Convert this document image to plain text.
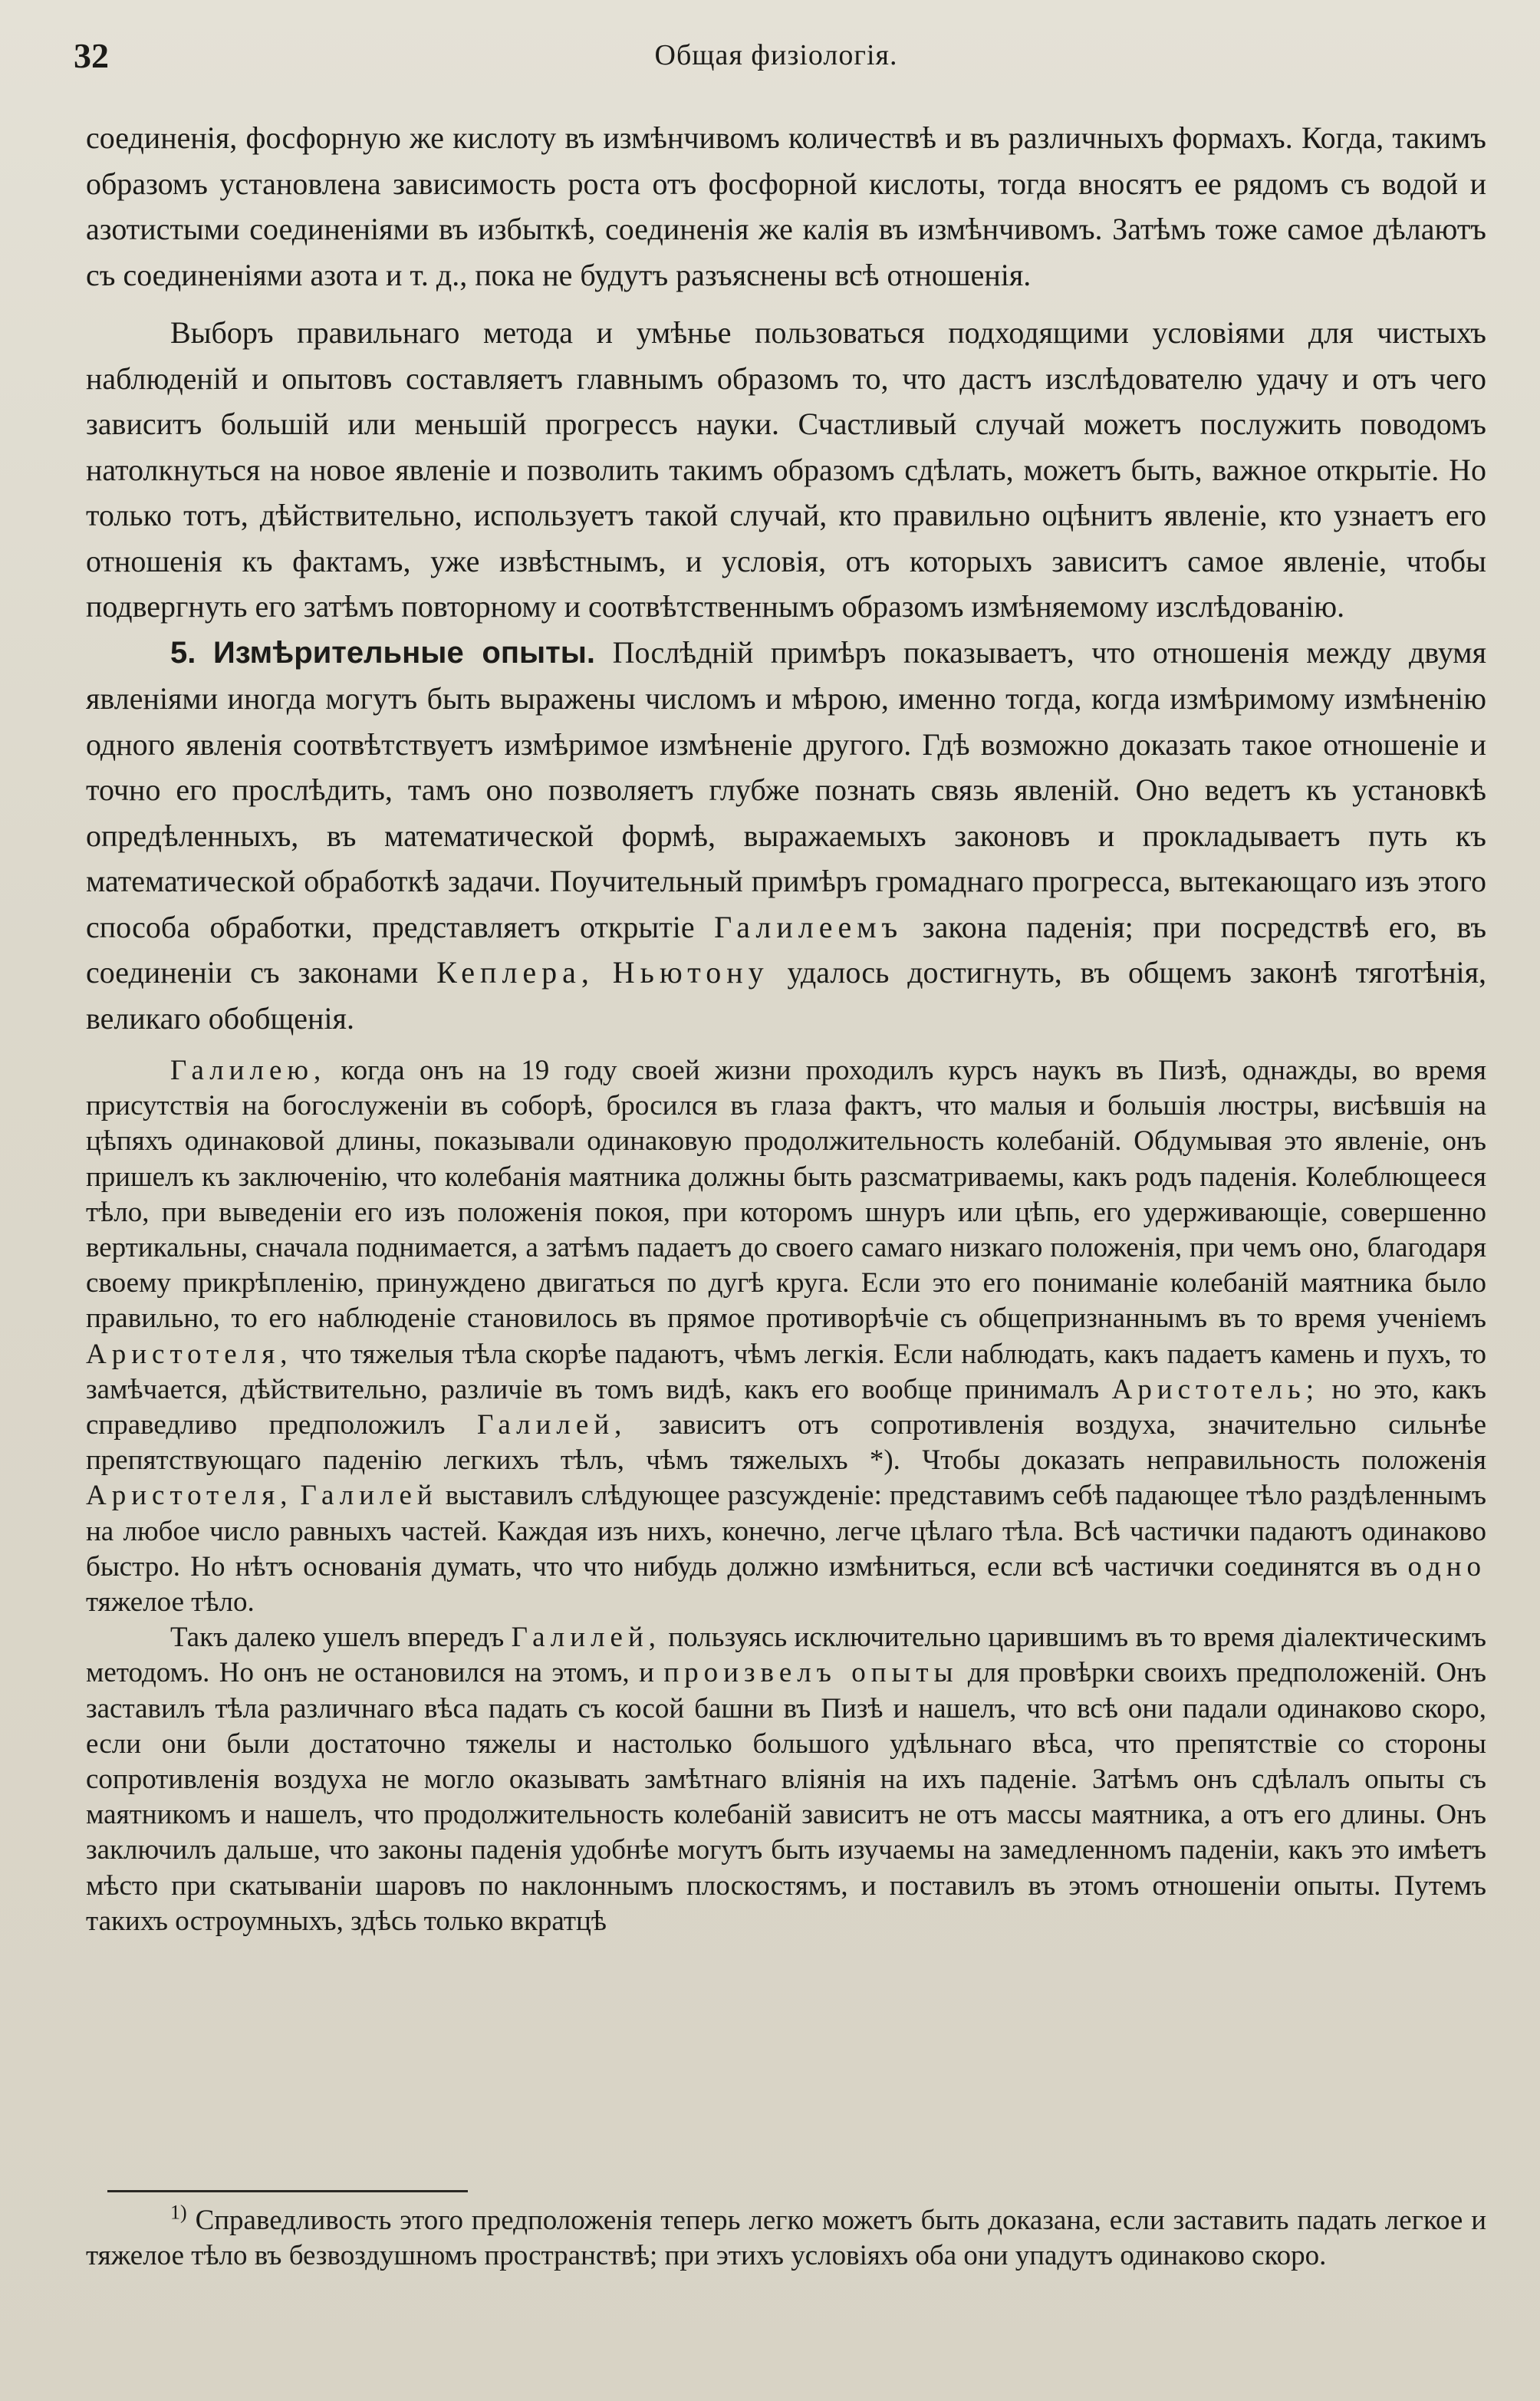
32	Общая физiологія.

соединенія, фосфорную же кислоту въ измѣнчивомъ количествѣ и въ различныхъ формахъ. Когда, такимъ образомъ установлена зависимость роста отъ фосфорной кислоты, тогда вносятъ ее рядомъ съ водой и азотистыми соединеніями въ избыткѣ, соединенія же калія въ измѣнчивомъ. Затѣмъ тоже самое дѣлаютъ съ соединеніями азота и т. д., пока не будутъ разъяснены всѣ отношенія.

Выборъ правильнаго метода и умѣнье пользоваться подходящими условіями для чистыхъ наблюденій и опытовъ составляетъ главнымъ образомъ то, что дастъ изслѣдователю удачу и отъ чего зависитъ большій или меньшій прогрессъ науки. Счастливый случай можетъ послужить поводомъ натолкнуться на новое явленіе и позволить такимъ образомъ сдѣлать, можетъ быть, важное открытіе. Но только тотъ, дѣйствительно, используетъ такой случай, кто правильно оцѣнитъ явленіе, кто узнаетъ его отношенія къ фактамъ, уже извѣстнымъ, и условія, отъ которыхъ зависитъ самое явленіе, чтобы подвергнуть его затѣмъ повторному и соотвѣтственнымъ образомъ измѣняемому изслѣдованію.

5. Измѣрительные опыты. Послѣдній примѣръ показываетъ, что отношенія между двумя явленіями иногда могутъ быть выражены числомъ и мѣрою, именно тогда, когда измѣримому измѣненію одного явленія соотвѣтствуетъ измѣримое измѣненіе другого. Гдѣ возможно доказать такое отношеніе и точно его прослѣдить, тамъ оно позволяетъ глубже познать связь явленій. Оно ведетъ къ установкѣ опредѣленныхъ, въ математической формѣ, выражаемыхъ законовъ и прокладываетъ путь къ математической обработкѣ задачи. Поучительный примѣръ громаднаго прогресса, вытекающаго изъ этого способа обработки, представляетъ открытіе Галилеемъ закона паденія; при посредствѣ его, въ соединеніи съ законами Кеплера, Ньютону удалось достигнуть, въ общемъ законѣ тяготѣнія, великаго обобщенія.

Галилею, когда онъ на 19 году своей жизни проходилъ курсъ наукъ въ Пизѣ, однажды, во время присутствія на богослуженіи въ соборѣ, бросился въ глаза фактъ, что малыя и большія люстры, висѣвшія на цѣпяхъ одинаковой длины, показывали одинаковую продолжительность колебаній. Обдумывая это явленіе, онъ пришелъ къ заключенію, что колебанія маятника должны быть разсматриваемы, какъ родъ паденія. Колеблющееся тѣло, при выведеніи его изъ положенія покоя, при которомъ шнуръ или цѣпь, его удерживающіе, совершенно вертикальны, сначала поднимается, а затѣмъ падаетъ до своего самаго низкаго положенія, при чемъ оно, благодаря своему прикрѣпленію, принуждено двигаться по дугѣ круга. Если это его пониманіе колебаній маятника было правильно, то его наблюденіе становилось въ прямое противорѣчіе съ общепризнаннымъ въ то время ученіемъ Аристотеля, что тяжелыя тѣла скорѣе падаютъ, чѣмъ легкія. Если наблюдать, какъ падаетъ камень и пухъ, то замѣчается, дѣйствительно, различіе въ томъ видѣ, какъ его вообще принималъ Аристотель; но это, какъ справедливо предположилъ Галилей, зависитъ отъ сопротивленія воздуха, значительно сильнѣе препятствующаго паденію легкихъ тѣлъ, чѣмъ тяжелыхъ *). Чтобы доказать неправильность положенія Аристотеля, Галилей выставилъ слѣдующее разсужденіе: представимъ себѣ падающее тѣло раздѣленнымъ на любое число равныхъ частей. Каждая изъ нихъ, конечно, легче цѣлаго тѣла. Всѣ частички падаютъ одинаково быстро. Но нѣтъ основанія думать, что что нибудь должно измѣниться, если всѣ частички соединятся въ одно тяжелое тѣло.

Такъ далеко ушелъ впередъ Галилей, пользуясь исключительно царившимъ въ то время діалектическимъ методомъ. Но онъ не остановился на этомъ, и произвелъ опыты для провѣрки своихъ предположеній. Онъ заставилъ тѣла различнаго вѣса падать съ косой башни въ Пизѣ и нашелъ, что всѣ они падали одинаково скоро, если они были достаточно тяжелы и настолько большого удѣльнаго вѣса, что препятствіе со стороны сопротивленія воздуха не могло оказывать замѣтнаго вліянія на ихъ паденіе. Затѣмъ онъ сдѣлалъ опыты съ маятникомъ и нашелъ, что продолжительность колебаній зависитъ не отъ массы маятника, а отъ его длины. Онъ заключилъ дальше, что законы паденія удобнѣе могутъ быть изучаемы на замедленномъ паденіи, какъ это имѣетъ мѣсто при скатываніи шаровъ по наклоннымъ плоскостямъ, и поставилъ въ этомъ отношеніи опыты. Путемъ такихъ остроумныхъ, здѣсь только вкратцѣ

$^{1)}$ Справедливость этого предположенія теперь легко можетъ быть доказана, если заставить падать легкое и тяжелое тѣло въ безвоздушномъ пространствѣ; при этихъ условіяхъ оба они упадутъ одинаково скоро.
